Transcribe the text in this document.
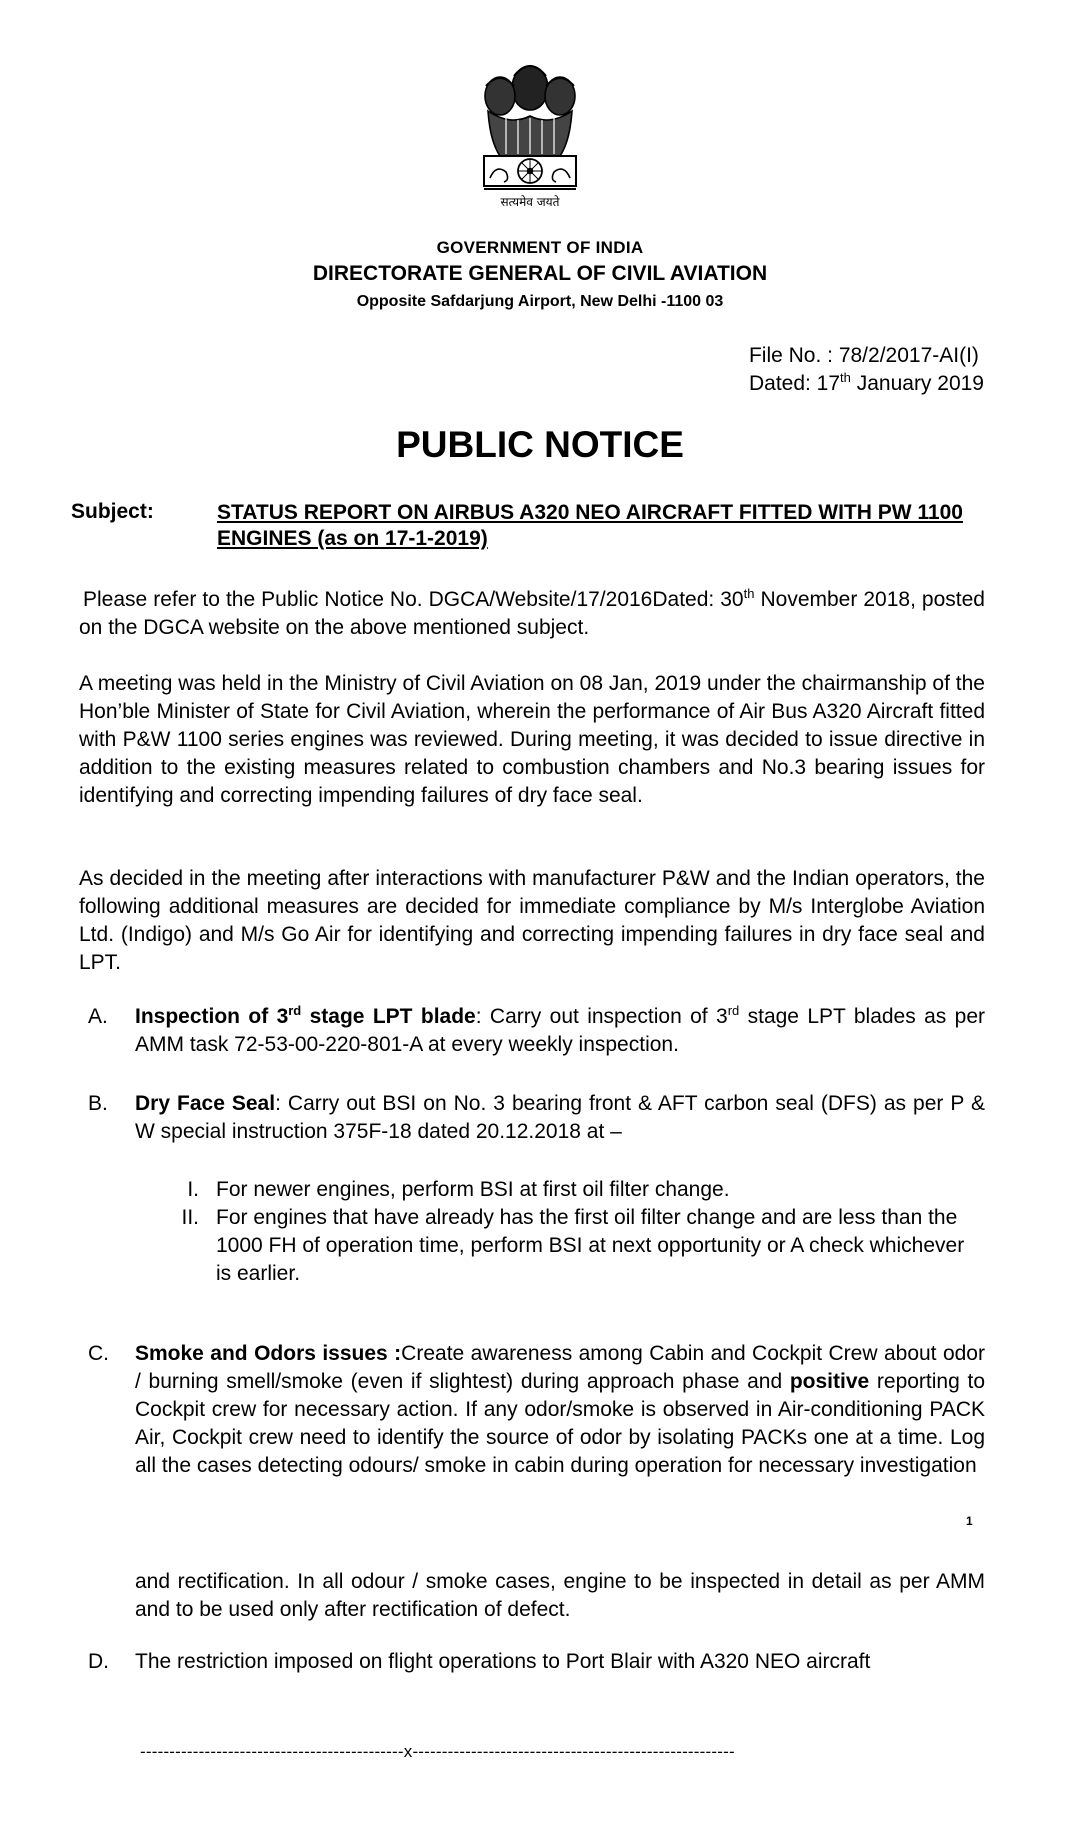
सत्यमेव जयते

GOVERNMENT OF INDIA

DIRECTORATE GENERAL OF CIVIL AVIATION

Opposite Safdarjung Airport, New Delhi -1100 03

File No. : 78/2/2017-AI(I)
Dated: 17th January 2019
PUBLIC NOTICE
Subject:	STATUS REPORT ON AIRBUS A320 NEO AIRCRAFT FITTED WITH PW 1100 ENGINES (as on 17-1-2019)

Please refer to the Public Notice No. DGCA/Website/17/2016Dated: 30th November 2018, posted on the DGCA website on the above mentioned subject.

A meeting was held in the Ministry of Civil Aviation on 08 Jan, 2019 under the chairmanship of the Hon’ble Minister of State for Civil Aviation, wherein the performance of Air Bus A320 Aircraft fitted with P&W 1100 series engines was reviewed. During meeting, it was decided to issue directive in addition to the existing measures related to combustion chambers and No.3 bearing issues for identifying and correcting impending failures of dry face seal.

As decided in the meeting after interactions with manufacturer P&W and the Indian operators, the following additional measures are decided for immediate compliance by M/s Interglobe Aviation Ltd. (Indigo) and M/s Go Air for identifying and correcting impending failures in dry face seal and LPT.

A.	Inspection of 3rd stage LPT blade: Carry out inspection of 3rd stage LPT blades as per AMM task 72-53-00-220-801-A at every weekly inspection.
B.	Dry Face Seal: Carry out BSI on No. 3 bearing front & AFT carbon seal (DFS) as per P & W special instruction 375F-18 dated 20.12.2018 at –
I. For newer engines, perform BSI at first oil filter change.
II. For engines that have already has the first oil filter change and are less than the 1000 FH of operation time, perform BSI at next opportunity or A check whichever is earlier.
C.	Smoke and Odors issues :Create awareness among Cabin and Cockpit Crew about odor / burning smell/smoke (even if slightest) during approach phase and positive reporting to Cockpit crew for necessary action. If any odor/smoke is observed in Air-conditioning PACK Air, Cockpit crew need to identify the source of odor by isolating PACKs one at a time. Log all the cases detecting odours/ smoke in cabin during operation for necessary investigation
1

and rectification. In all odour / smoke cases, engine to be inspected in detail as per AMM and to be used only after rectification of defect.

D.	The restriction imposed on flight operations to Port Blair with A320 NEO aircraft
---------------------------------------------x-------------------------------------------------------
